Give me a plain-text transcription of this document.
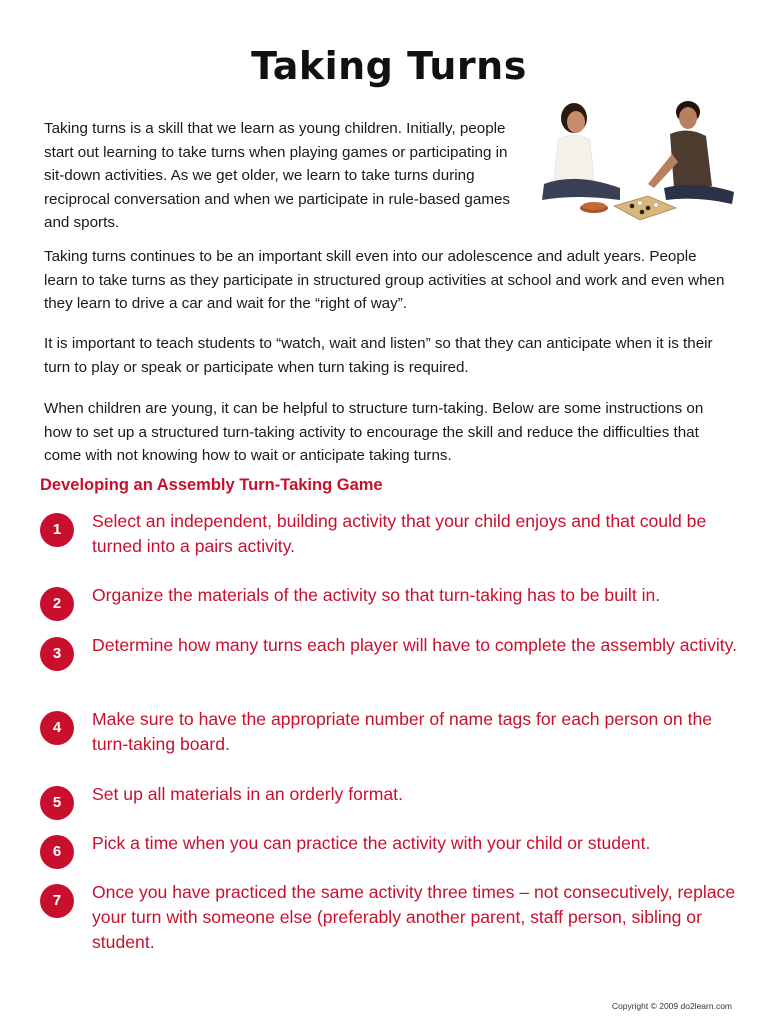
Taking Turns
Taking turns is a skill that we learn as young children. Initially, people start out learning to take turns when playing games or participating in sit-down activities. As we get older, we learn to take turns during reciprocal conversation and when we participate in rule-based games and sports.
Taking turns continues to be an important skill even into our adolescence and adult years. People learn to take turns as they participate in structured group activities at school and work and even when they learn to drive a car and wait for the “right of way”.
It is important to teach students to “watch, wait and listen” so that they can anticipate when it is their turn to play or speak or participate when turn taking is required.
When children are young, it can be helpful to structure turn-taking. Below are some instructions on how to set up a structured turn-taking activity to encourage the skill and reduce the difficulties that come with not knowing how to wait or anticipate taking turns.
Developing an Assembly Turn-Taking Game
1	Select an independent, building activity that your child enjoys and that could be turned into a pairs activity.
2	Organize the materials of the activity so that turn-taking has to be built in.
3	Determine how many turns each player will have to complete the assembly activity.
4	Make sure to have the appropriate number of name tags for each person on the turn-taking board.
5	Set up all materials in an orderly format.
6	Pick a time when you can practice the activity with your child or student.
7	Once you have practiced the same activity three times – not consecutively, replace your turn with someone else (preferably another parent, staff person, sibling or student.
Copyright © 2009 do2learn.com
